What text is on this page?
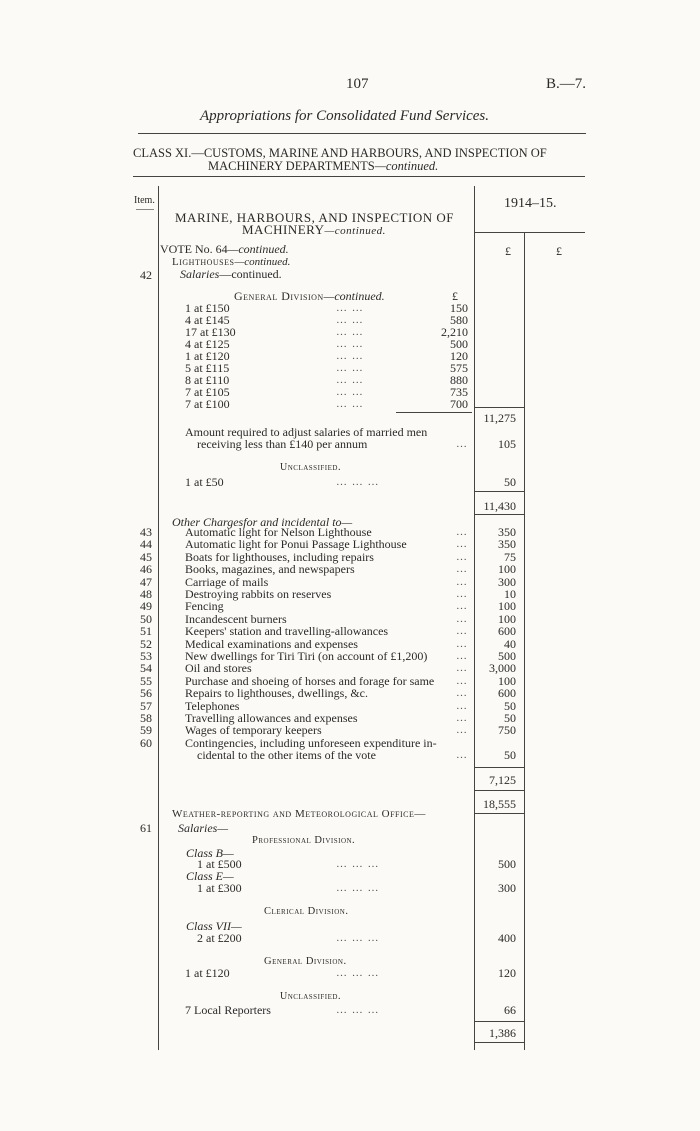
107	B.—7.
Appropriations for Consolidated Fund Services.
CLASS XI.—CUSTOMS, MARINE AND HARBOURS, AND INSPECTION OF
MACHINERY DEPARTMENTS—continued.
Item.	1914–15.
£	£
MARINE, HARBOURS, AND INSPECTION OF
MACHINERY—continued.
VOTE No. 64—continued.
Lighthouses—continued.
42 Salaries—continued.
General Division—continued.	£
1 at £150	… …	150
4 at £145	… …	580
17 at £130	… …	2,210
4 at £125	… …	500
1 at £120	… …	120
5 at £115	… …	575
8 at £110	… …	880
7 at £105	… …	735
7 at £100	… …	700
11,275
Amount required to adjust salaries of married men
receiving less than £140 per annum	…	105
Unclassified.
1 at £50	… … …	50
11,430
Other Chargesfor and incidental to—
43	Automatic light for Nelson Lighthouse	…	350
44	Automatic light for Ponui Passage Lighthouse	…	350
45	Boats for lighthouses, including repairs	…	75
46	Books, magazines, and newspapers	…	100
47	Carriage of mails	…	300
48	Destroying rabbits on reserves	…	10
49	Fencing	…	100
50	Incandescent burners	…	100
51	Keepers' station and travelling-allowances	…	600
52	Medical examinations and expenses	…	40
53	New dwellings for Tiri Tiri (on account of £1,200)	…	500
54	Oil and stores	…	3,000
55	Purchase and shoeing of horses and forage for same …	100
56	Repairs to lighthouses, dwellings, &c.	…	600
57	Telephones	…	50
58	Travelling allowances and expenses	…	50
59	Wages of temporary keepers	…	750
60	Contingencies, including unforeseen expenditure in-
cidental to the other items of the vote	…	50
7,125
18,555
Weather-reporting and Meteorological Office—
61 Salaries—
Professional Division.
Class B—
1 at £500	… … …	500
Class E—
1 at £300	… … …	300
Clerical Division.
Class VII—
2 at £200	… … …	400
General Division.
1 at £120	… … …	120
Unclassified.
7 Local Reporters	… … …	66
1,386
